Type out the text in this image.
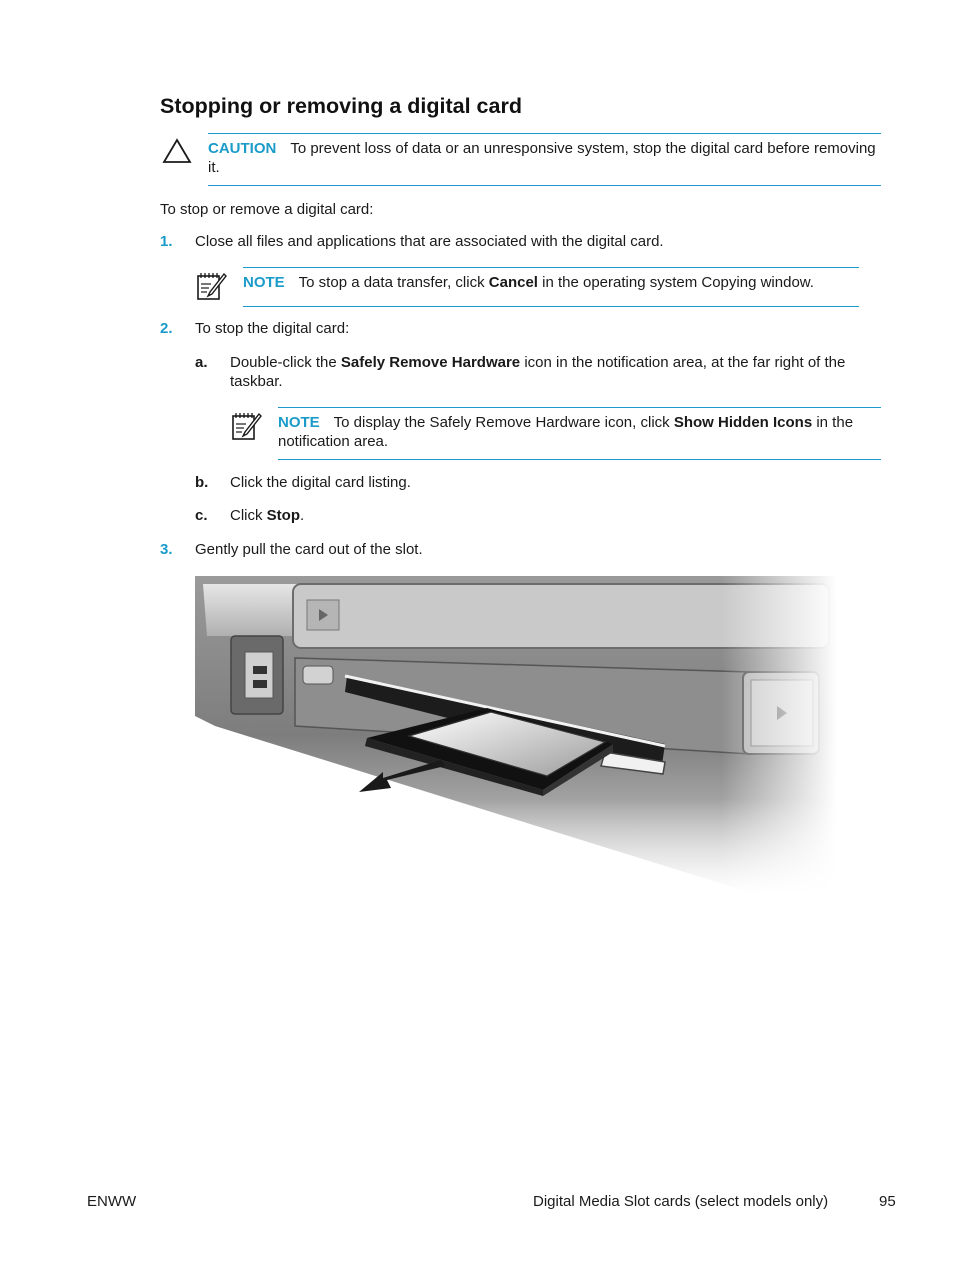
Stopping or removing a digital card
CAUTION To prevent loss of data or an unresponsive system, stop the digital card before removing it.
To stop or remove a digital card:
1. Close all files and applications that are associated with the digital card.
NOTE To stop a data transfer, click Cancel in the operating system Copying window.
2. To stop the digital card:
a. Double-click the Safely Remove Hardware icon in the notification area, at the far right of the taskbar.
NOTE To display the Safely Remove Hardware icon, click Show Hidden Icons in the notification area.
b. Click the digital card listing.
c. Click Stop.
3. Gently pull the card out of the slot.
ENWW	Digital Media Slot cards (select models only)	95
